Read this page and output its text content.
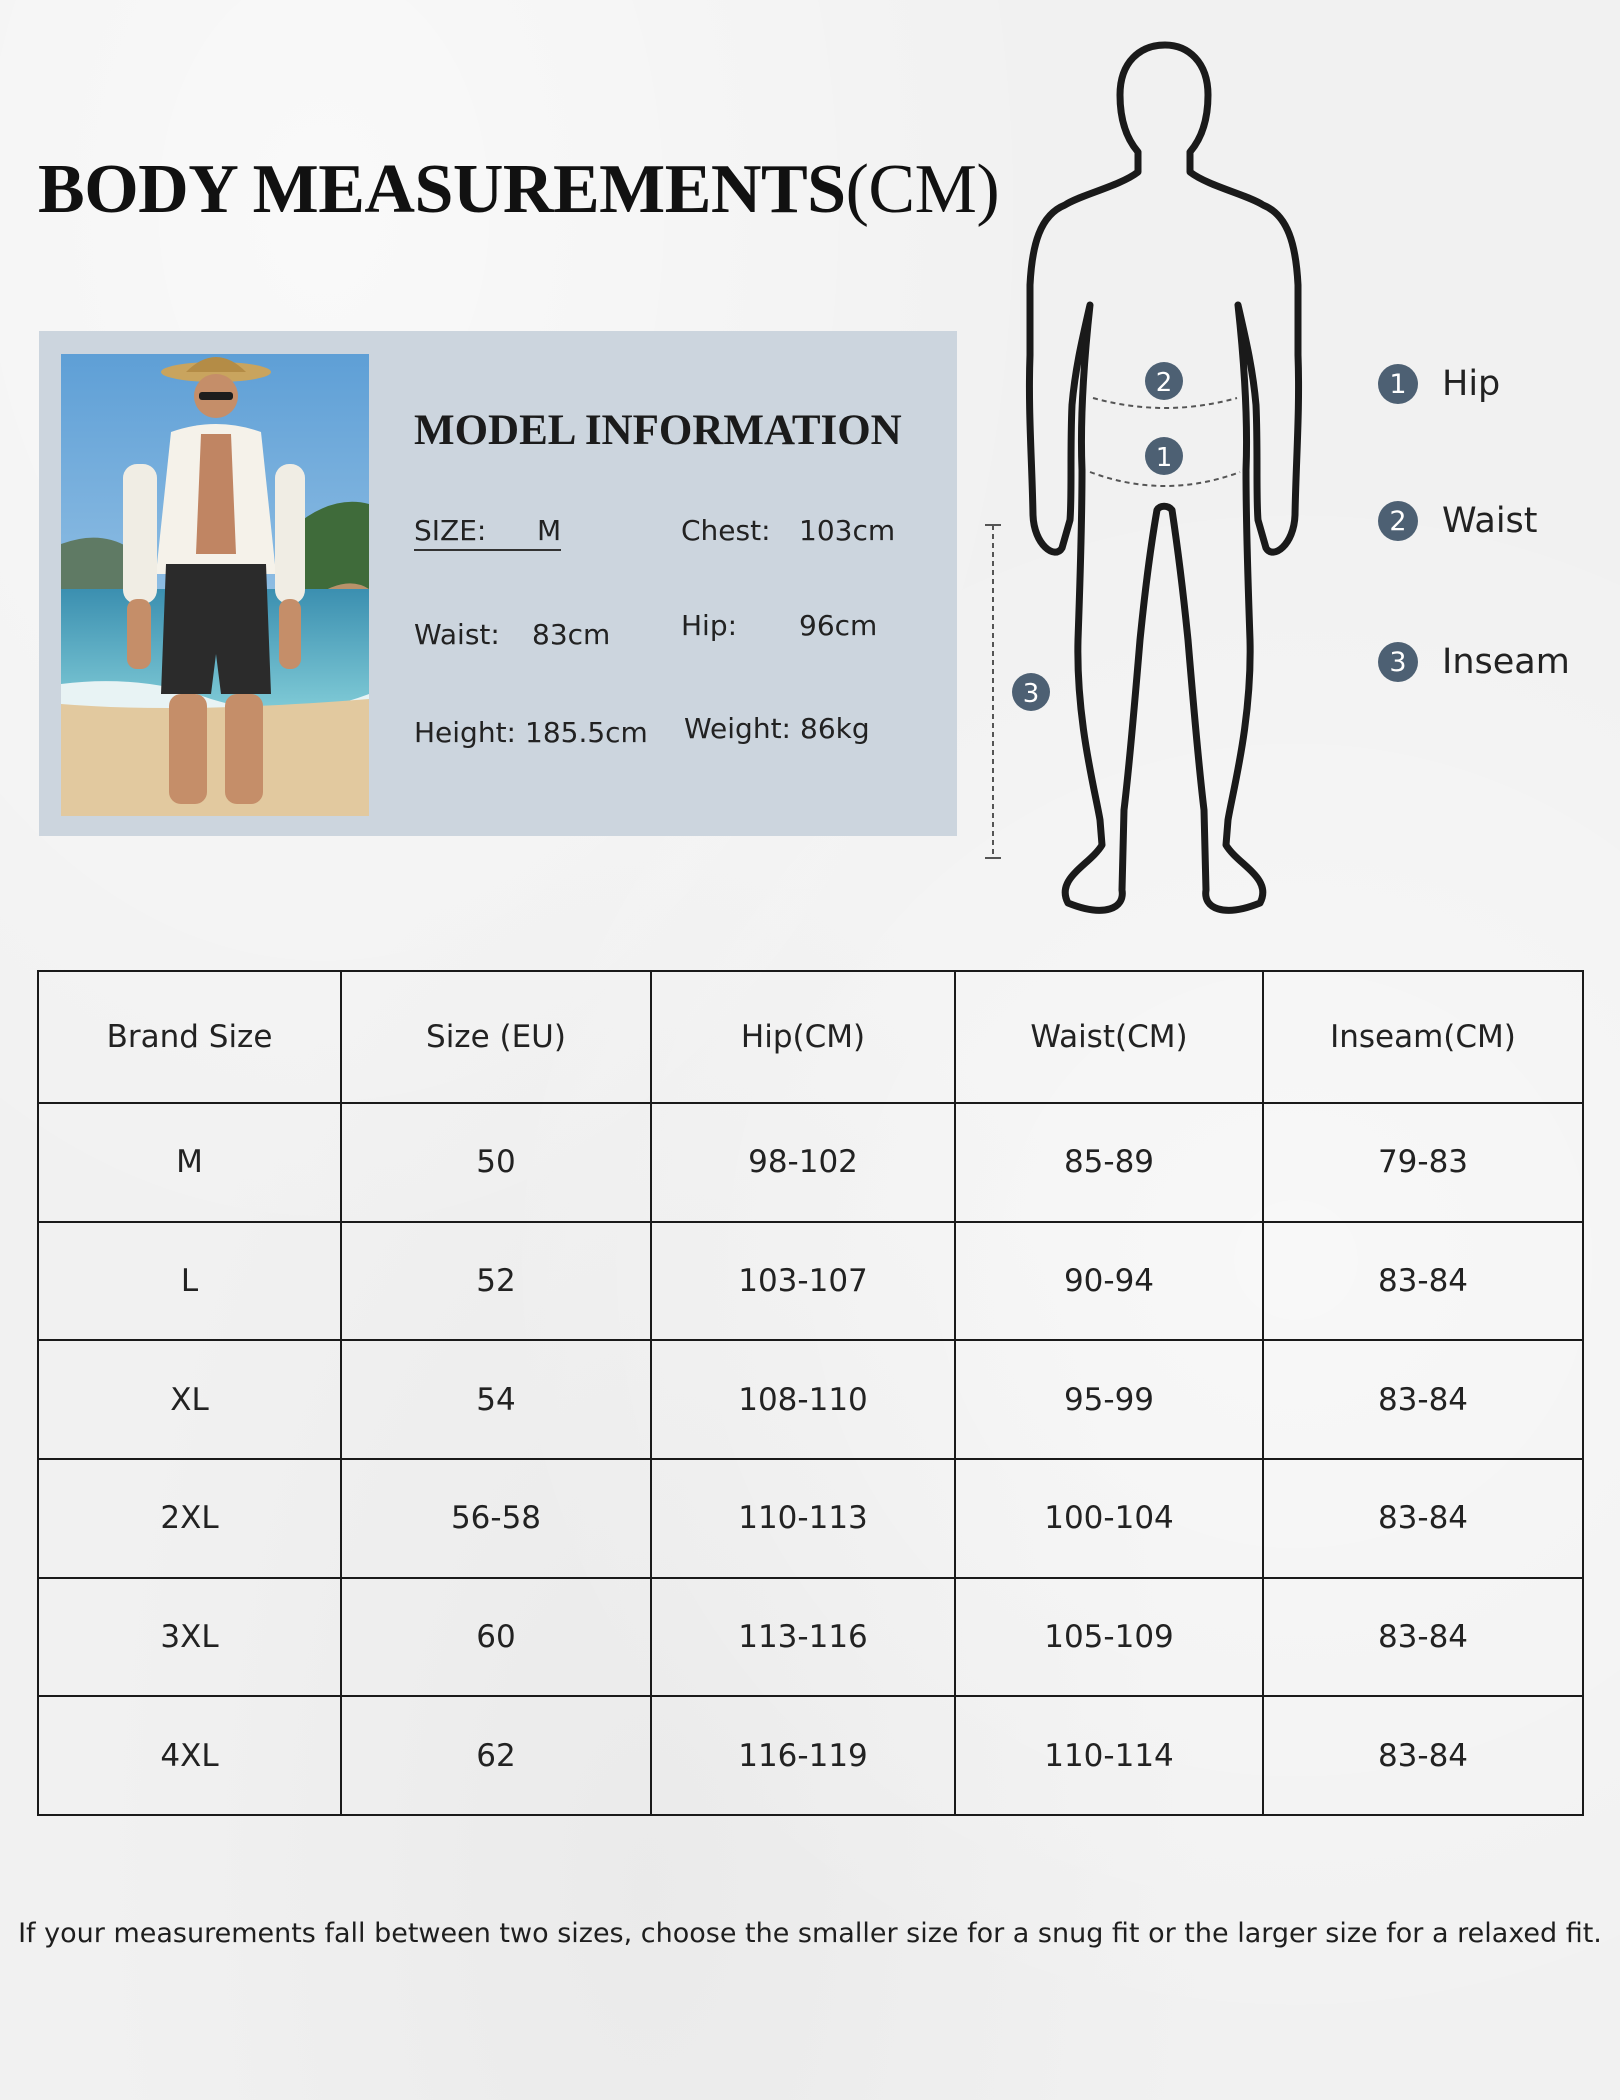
BODY MEASUREMENTS(CM)
MODEL INFORMATION
SIZE: M	Chest: 103cm
Waist: 83cm	Hip: 96cm
Height: 185.5cm Weight: 86kg
2
1
3
1	Hip
2	Waist
3	Inseam
Brand Size	Size (EU)	Hip(CM)	Waist(CM)	Inseam(CM)
M	50	98-102	85-89	79-83
L	52	103-107	90-94	83-84
XL	54	108-110	95-99	83-84
2XL	56-58	110-113	100-104	83-84
3XL	60	113-116	105-109	83-84
4XL	62	116-119	110-114	83-84

If your measurements fall between two sizes, choose the smaller size for a snug fit or the larger size for a relaxed fit.
